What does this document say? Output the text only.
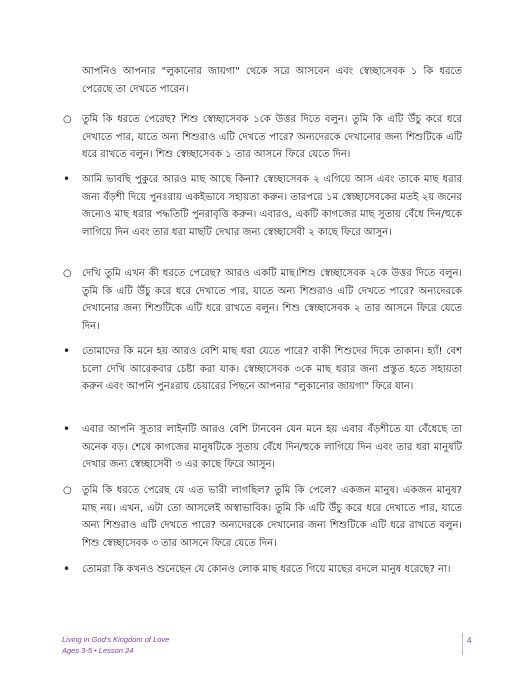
আপনিও আপনার "লুকানোর জায়গা" থেকে সরে আসবেন এবং স্বেচ্ছাসেবক ১ কি ধরতে পেরেছে তা দেখতে পারেন।
○ তুমি কি ধরতে পেরেছ? শিশু স্বেচ্ছাসেবক ১কে উত্তর দিতে বলুন। তুমি কি এটি উঁচু করে ধরে দেখাতে পার, যাতে অন্য শিশুরাও এটি দেখতে পারে? অন্যদেরকে দেখানোর জন্য শিশুটিকে এটি ধরে রাখতে বলুন। শিশু স্বেচ্ছাসেবক ১ তার আসনে ফিরে যেতে দিন।
• আমি ভাবছি পুকুরে আরও মাছ আছে কিনা? স্বেচ্ছাসেবক ২ এগিয়ে আস এবং তাকে মাছ ধরার জন্য বঁড়শী দিয়ে পুনঃরায় একইভাবে সহায়তা করুন। তারপরে ১ম স্বেচ্ছাসেবকের মতই ২য় জনের জন্যেও মাছ ধরার পদ্ধতিটি পুনরাবৃত্তি করুন। এবারও, একটি কাগজের মাছ সুতায় বেঁধে দিন/হুকে লাগিয়ে দিন এবং তার ধরা মাছটি দেখার জন্য স্বেচ্ছাসেবী ২ কাছে ফিরে আসুন।
○ দেখি তুমি এখন কী ধরতে পেরেছ? আরও একটি মাছ।শিশু স্বেচ্ছাসেবক ২কে উত্তর দিতে বলুন। তুমি কি এটি উঁচু করে ধরে দেখাতে পার, যাতে অন্য শিশুরাও এটি দেখতে পারে? অন্যদেরকে দেখানোর জন্য শিশুটিকে এটি ধরে রাখতে বলুন। শিশু স্বেচ্ছাসেবক ২ তার আসনে ফিরে যেতে দিন।
• তোমাদের কি মনে হয় আরও বেশি মাছ ধরা যেতে পারে? বাকী শিশুদের দিকে তাকান। হ্যাঁ! বেশ চলো দেখি আরেকবার চেষ্টা করা যাক। স্বেচ্ছাসেবক ৩কে মাছ ধরার জন্য প্রস্তুত হতে সহায়তা করুন এবং আপনি পুনঃরায় চেয়ারের পিছনে আপনার "লুকানোর জায়গা" ফিরে যান।
• এবার আপনি সুতার লাইনটি আরও বেশি টানবেন যেন মনে হয় এবার বঁড়শীতে যা বেঁধেছে তা অনেক বড়। শেষে কাগজের মানুষটিকে সুতায় বেঁধে দিন/হুকে লাগিয়ে দিন এবং তার ধরা মানুষটি দেখার জন্য স্বেচ্ছাসেবী ৩ এর কাছে ফিরে আসুন।
○ তুমি কি ধরতে পেরেছ যে এত ভারী লাগছিল? তুমি কি পেলে? একজন মানুষ। একজন মানুষ? মাছ নয়। এখন, এটা তো আসলেই অস্বাভাবিক। তুমি কি এটি উঁচু করে ধরে দেখাতে পার, যাতে অন্য শিশুরাও এটি দেখতে পারে? অন্যদেরকে দেখানোর জন্য শিশুটিকে এটি ধরে রাখতে বলুন। শিশু স্বেচ্ছাসেবক ৩ তার আসনে ফিরে যেতে দিন।
• তোমরা কি কখনও শুনেছেন যে কোনও লোক মাছ ধরতে গিয়ে মাছের বদলে মানুষ ধরেছে? না।
Living in God's Kingdom of Love
Ages 3-5 • Lesson 24
4
